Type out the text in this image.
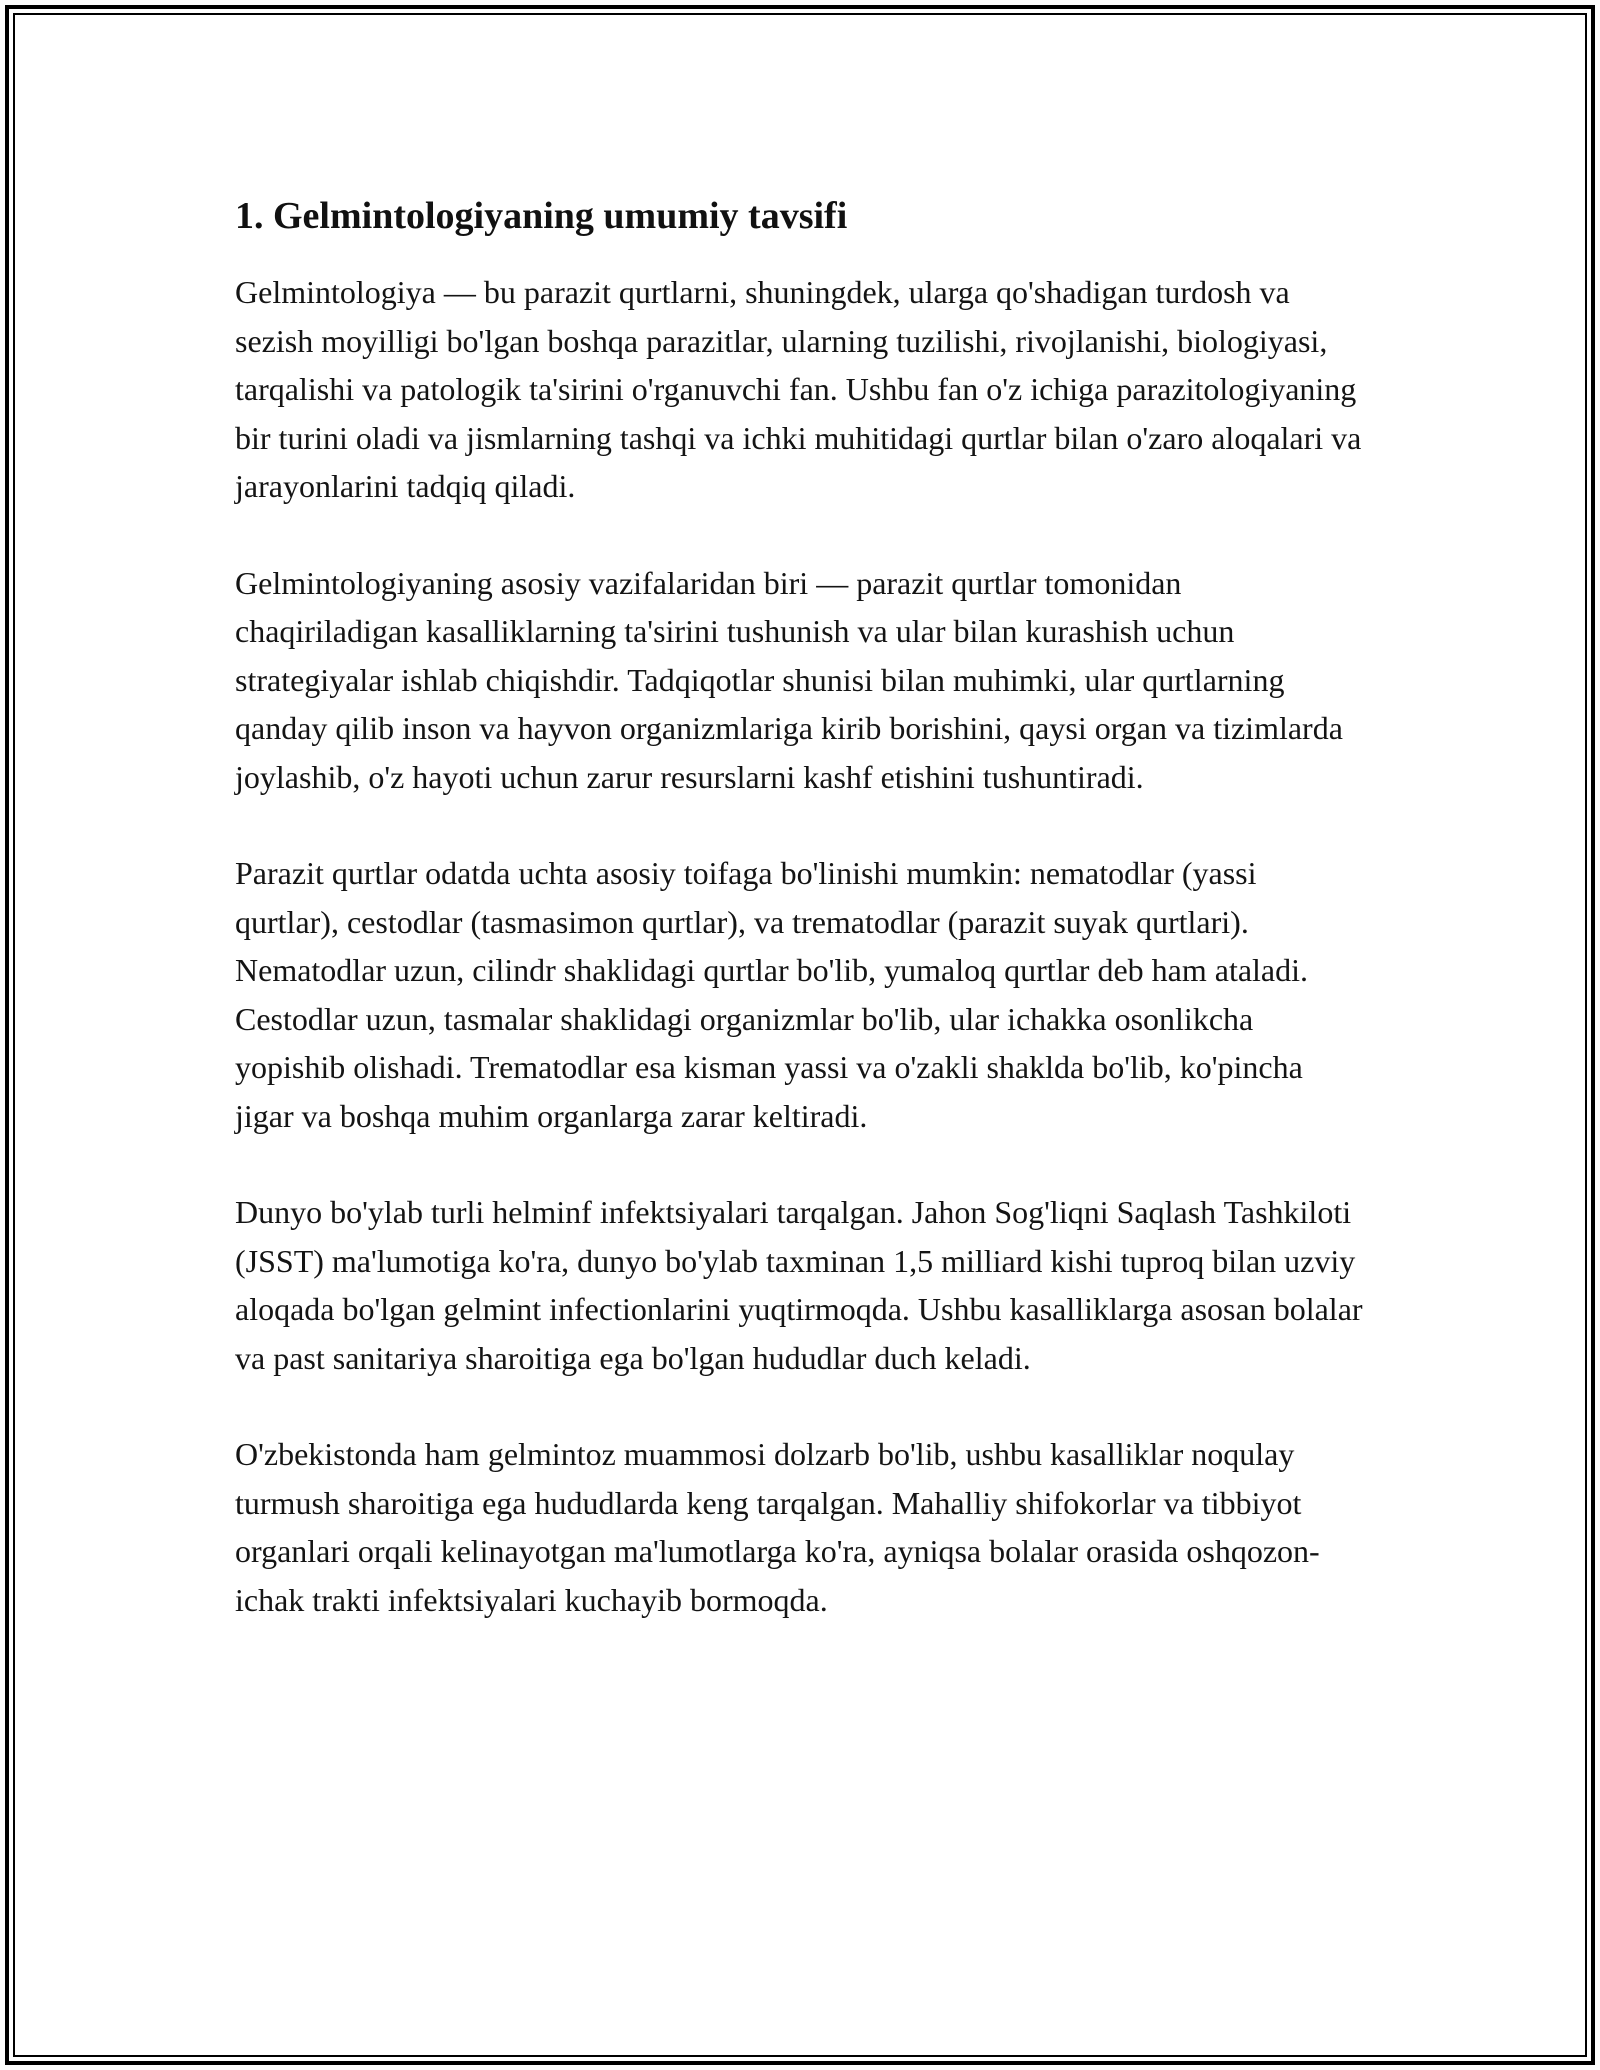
1. Gelmintologiyaning umumiy tavsifi

Gelmintologiya — bu parazit qurtlarni, shuningdek, ularga qo'shadigan turdosh va sezish moyilligi bo'lgan boshqa parazitlar, ularning tuzilishi, rivojlanishi, biologiyasi, tarqalishi va patologik ta'sirini o'rganuvchi fan. Ushbu fan o'z ichiga parazitologiyaning bir turini oladi va jismlarning tashqi va ichki muhitidagi qurtlar bilan o'zaro aloqalari va jarayonlarini tadqiq qiladi.

Gelmintologiyaning asosiy vazifalaridan biri — parazit qurtlar tomonidan chaqiriladigan kasalliklarning ta'sirini tushunish va ular bilan kurashish uchun strategiyalar ishlab chiqishdir. Tadqiqotlar shunisi bilan muhimki, ular qurtlarning qanday qilib inson va hayvon organizmlariga kirib borishini, qaysi organ va tizimlarda joylashib, o'z hayoti uchun zarur resurslarni kashf etishini tushuntiradi.

Parazit qurtlar odatda uchta asosiy toifaga bo'linishi mumkin: nematodlar (yassi qurtlar), cestodlar (tasmasimon qurtlar), va trematodlar (parazit suyak qurtlari). Nematodlar uzun, cilindr shaklidagi qurtlar bo'lib, yumaloq qurtlar deb ham ataladi. Cestodlar uzun, tasmalar shaklidagi organizmlar bo'lib, ular ichakka osonlikcha yopishib olishadi. Trematodlar esa kisman yassi va o'zakli shaklda bo'lib, ko'pincha jigar va boshqa muhim organlarga zarar keltiradi.

Dunyo bo'ylab turli helminf infektsiyalari tarqalgan. Jahon Sog'liqni Saqlash Tashkiloti (JSST) ma'lumotiga ko'ra, dunyo bo'ylab taxminan 1,5 milliard kishi tuproq bilan uzviy aloqada bo'lgan gelmint infectionlarini yuqtirmoqda. Ushbu kasalliklarga asosan bolalar va past sanitariya sharoitiga ega bo'lgan hududlar duch keladi.

O'zbekistonda ham gelmintoz muammosi dolzarb bo'lib, ushbu kasalliklar noqulay turmush sharoitiga ega hududlarda keng tarqalgan. Mahalliy shifokorlar va tibbiyot organlari orqali kelinayotgan ma'lumotlarga ko'ra, ayniqsa bolalar orasida oshqozon-ichak trakti infektsiyalari kuchayib bormoqda.
